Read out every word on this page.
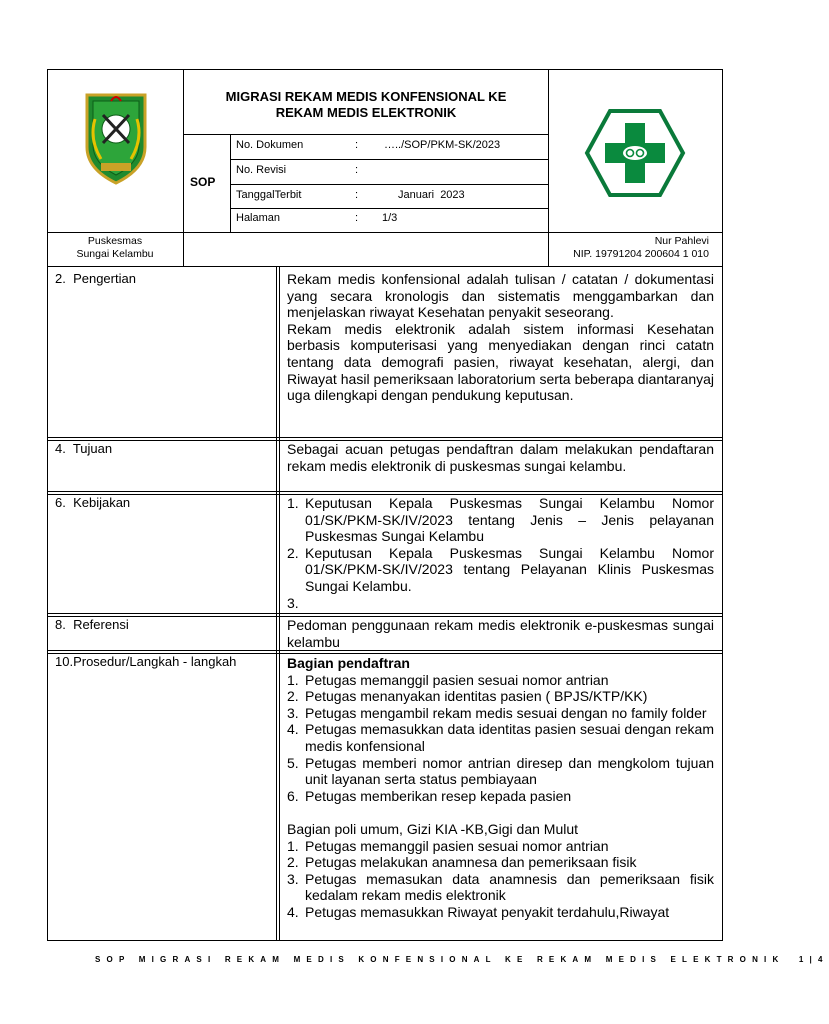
MIGRASI REKAM MEDIS KONFENSIONAL KE REKAM MEDIS ELEKTRONIK
SOP
No. Dokumen	: …../SOP/PKM-SK/2023
No. Revisi	:
TanggalTerbit	:	Januari  2023
Halaman	: 1/3
Puskesmas
Sungai Kelambu
Nur Pahlevi
NIP. 19791204 200604 1 010
2.  Pengertian	Rekam medis konfensional adalah tulisan / catatan / dokumentasi yang secara kronologis dan sistematis menggambarkan dan menjelaskan riwayat Kesehatan penyakit seseorang.

Rekam medis elektronik adalah sistem informasi Kesehatan berbasis komputerisasi yang menyediakan dengan rinci catatn tentang data demografi pasien, riwayat kesehatan, alergi, dan Riwayat hasil pemeriksaan laboratorium serta beberapa diantaranyaj uga dilengkapi dengan pendukung keputusan.

4.  Tujuan	Sebagai acuan petugas pendaftran dalam melakukan pendaftaran rekam medis elektronik di puskesmas sungai kelambu.
6.  Kebijakan	1. Keputusan Kepala Puskesmas Sungai Kelambu Nomor 01/SK/PKM-SK/IV/2023 tentang Jenis – Jenis pelayanan Puskesmas Sungai Kelambu
2. Keputusan Kepala Puskesmas Sungai Kelambu Nomor 01/SK/PKM-SK/IV/2023 tentang Pelayanan Klinis Puskesmas Sungai Kelambu.
3.

8.  Referensi	Pedoman penggunaan rekam medis elektronik e-puskesmas sungai kelambu
10.Prosedur/Langkah - langkah	Bagian pendaftran

1. Petugas memanggil pasien sesuai nomor antrian
2. Petugas menanyakan identitas pasien ( BPJS/KTP/KK)
3. Petugas mengambil rekam medis sesuai dengan no family folder
4. Petugas memasukkan data identitas pasien sesuai dengan rekam medis konfensional
5. Petugas memberi nomor antrian diresep dan mengkolom tujuan unit layanan serta status pembiayaan
6. Petugas memberikan resep kepada pasien

Bagian poli umum, Gizi KIA -KB,Gigi dan Mulut

1. Petugas memanggil pasien sesuai nomor antrian
2. Petugas melakukan anamnesa dan pemeriksaan fisik
3. Petugas memasukan data anamnesis dan pemeriksaan fisik kedalam rekam medis elektronik
4. Petugas memasukkan Riwayat penyakit terdahulu,Riwayat
SOP MIGRASI REKAM MEDIS KONFENSIONAL KE REKAM MEDIS ELEKTRONIK 1|4
